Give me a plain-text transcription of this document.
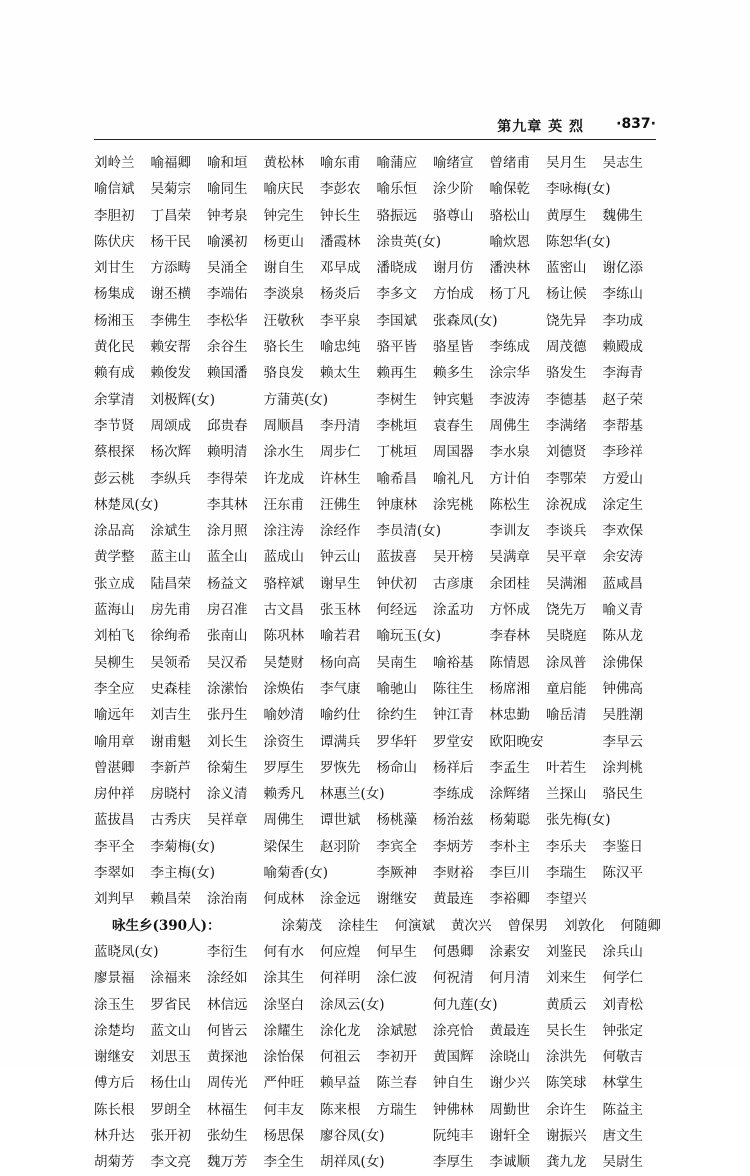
第九章 英 烈 ·837·
刘岭兰 喻福卿 喻和垣 黄松林 喻东甫 喻蒲应 喻绪宣 曾绪甫 吴月生 吴志生
喻信斌 吴菊宗 喻同生 喻庆民 李彭农 喻乐恒 涂少阶 喻保乾 李咏梅(女)
李胆初 丁昌荣 钟考泉 钟完生 钟长生 骆振远 骆尊山 骆松山 黄厚生 魏佛生
陈伏庆 杨干民 喻溪初 杨更山 潘霞林 涂贵英(女)	喻炊恩 陈恕华(女)
刘甘生 方添畴 吴涌全 谢自生 邓早成 潘晓成 谢月仿 潘泱林 蓝密山 谢亿添
杨集成 谢丕横 李端佑 李淡泉 杨炎后 李多文 方怡成 杨丁凡 杨让候 李练山
杨湘玉 李佛生 李松华 汪敬秋 李平泉 李国斌 张森凤(女)	饶先异 李功成
黄化民 赖安帮 余谷生 骆长生 喻忠纯 骆平皆 骆星皆 李练成 周茂德 赖殿成
赖有成 赖俊发 赖国潘 骆良发 赖太生 赖再生 赖多生 涂宗华 骆发生 李海青
余掌清 刘极辉(女)	方蒲英(女)	李树生 钟宾魁 李波涛 李德基 赵子荣
李节贤 周颂成 邱贵春 周顺昌 李丹清 李桃垣 袁春生 周佛生 李满绪 李帮基
蔡根探 杨次辉 赖明清 涂水生 周步仁 丁桃垣 周国器 李水泉 刘德贤 李珍祥
彭云桃 李纵兵 李得荣 许龙成 许林生 喻希昌 喻礼凡 方计伯 李鄂荣 方爱山
林楚凤(女)	李其林 汪东甫 汪佛生 钟康林 涂宪桃 陈松生 涂祝成 涂定生
涂品高 涂斌生 涂月照 涂注涛 涂经作 李员清(女)	李训友 李谈兵 李欢保
黄学整 蓝主山 蓝全山 蓝成山 钟云山 蓝拔喜 吴开榜 吴满章 吴平章 余安涛
张立成 陆昌荣 杨益文 骆梓斌 谢早生 钟伏初 古彦康 余团桂 吴满湘 蓝咸昌
蓝海山 房先甫 房召准 古文昌 张玉林 何经远 涂孟功 方怀成 饶先万 喻义青
刘柏飞 徐绚希 张南山 陈巩林 喻若君 喻玩玉(女)	李春林 吴晓庭 陈从龙
吴柳生 吴领希 吴汉希 吴楚财 杨向高 吴南生 喻裕基 陈情恩 涂凤普 涂佛保
李全应 史森桂 涂潆怡 涂焕佑 李气康 喻驰山 陈往生 杨席湘 童启能 钟佛高
喻远年 刘吉生 张丹生 喻妙清 喻约仕 徐约生 钟江青 林忠勤 喻岳清 吴胜潮
喻用章 谢甫魁 刘长生 涂资生 谭满兵 罗华轩 罗堂安 欧阳晚安	李早云
曾湛卿 李新芦 徐菊生 罗厚生 罗恢先 杨命山 杨祥后 李孟生 叶若生 涂判桃
房仲祥 房晓村 涂义清 赖秀凡 林惠兰(女)	李练成 涂辉绪 兰探山 骆民生
蓝拔昌 古秀庆 吴祥章 周佛生 谭世斌 杨桃藻 杨治兹 杨菊聪 张先梅(女)
李平全 李菊梅(女)	梁保生 赵羽阶 李宾全 李炳芳 李朴主 李乐夫 李鉴日
李翠如 李主梅(女)	喻菊香(女)	李厥神 李财裕 李巨川 李瑞生 陈汉平
刘判早 赖昌荣 涂治南 何成林 涂金远 谢继安 黄最连 李裕卿 李望兴
咏生乡(390人)：	涂菊茂 涂桂生 何演斌 黄次兴 曾保男 刘敦化 何随卿
蓝晓凤(女)	李衍生 何有水 何应煌 何早生 何愚卿 涂素安 刘鉴民 涂兵山
廖景福 涂福来 涂经如 涂其生 何祥明 涂仁波 何祝清 何月清 刘来生 何学仁
涂玉生 罗省民 林信远 涂坚白 涂凤云(女)	何九莲(女)	黄质云 刘青松
涂楚均 蓝文山 何皆云 涂耀生 涂化龙 涂斌慰 涂亮恰 黄最连 吴长生 钟张定
谢继安 刘思玉 黄探池 涂怡保 何祖云 李初开 黄国辉 涂晓山 涂洪先 何敬吉
傅方后 杨仕山 周传光 严仲旺 赖早益 陈兰春 钟自生 谢少兴 陈笑球 林掌生
陈长根 罗朗全 林福生 何丰友 陈来根 方瑞生 钟佛林 周勤世 余许生 陈益主
林升达 张开初 张幼生 杨思保 廖谷凤(女)	阮纯丰 谢轩全 谢振兴 唐文生
胡菊芳 李文亮 魏万芳 李全生 胡祥凤(女)	李厚生 李诚顺 龚九龙 吴尉生
